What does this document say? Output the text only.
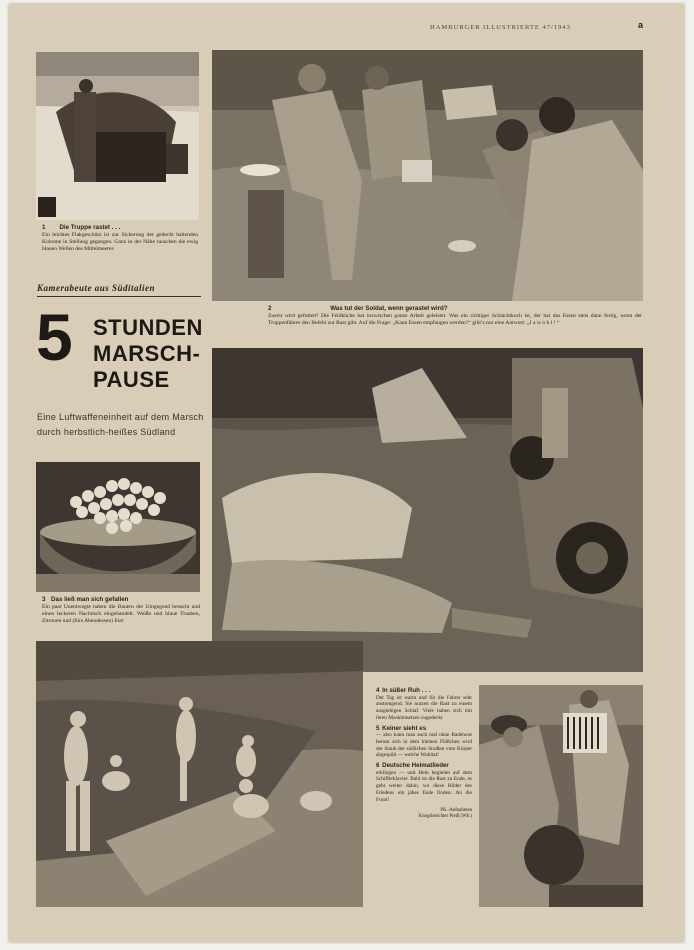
HAMBURGER ILLUSTRIERTE 47/1943	a
1 Die Truppe rastet . . .
Ein leichtes Flakgeschütz ist zur Sicherung der gedeckt haltenden Kolonne in Stellung gegangen. Ganz in der Nähe rauschen die ewig blauen Wellen des Mittelmeeres
2	Was tut der Soldat, wenn gerastet wird?
Zuerst wird gefuttert! Die Feldküche hat inzwischen ganze Arbeit geleistet. Was ein richtiger Schlachtkoch ist, der hat das Essen stets dann fertig, wenn der Truppenführer den Befehl zur Rast gibt. Auf die Frage: „Kann Essen empfangen werden?“ gibt’s nur eine Antwort: „J a w o h l ! “
Kamerabeute aus Süditalien
5 STUNDEN
MARSCH-
PAUSE
Eine Luftwaffeneinheit auf dem Marsch
durch herbstlich-heißes Südland
3 Das ließ man sich gefallen
Ein paar Unentwegte haben die Bauern der Umgegend besucht und einen leckeren Nachtisch eingehandelt. Weiße und blaue Trauben, Zitronen und (fürs Abendessen) Eier
4 In süßer Ruh . . .
Der Tag ist warm und für die Fahrer sehr anstrengend. Sie nutzen die Rast zu einem ausgiebigen Schlaf. Viele haben sich mit ihren Moskitonetzen zugedeckt
5 Keiner sieht es
— also kann man auch mal ohne Badehose herum sich in dem kleinen Flüßchen wird der Staub der südlichen Straßen vom Körper abgespült — welche Wohltat!
6 Deutsche Heimatlieder
erklingen — und Hein begleitet auf dem Schifferklavier. Bald ist die Rast zu Ende, es geht weiter dahin, wo diese Bilder des Friedens ein jähes Ende finden: An die Front!
PK.-Aufnahmen
Kriegsberichter Preiß (Wb.)
